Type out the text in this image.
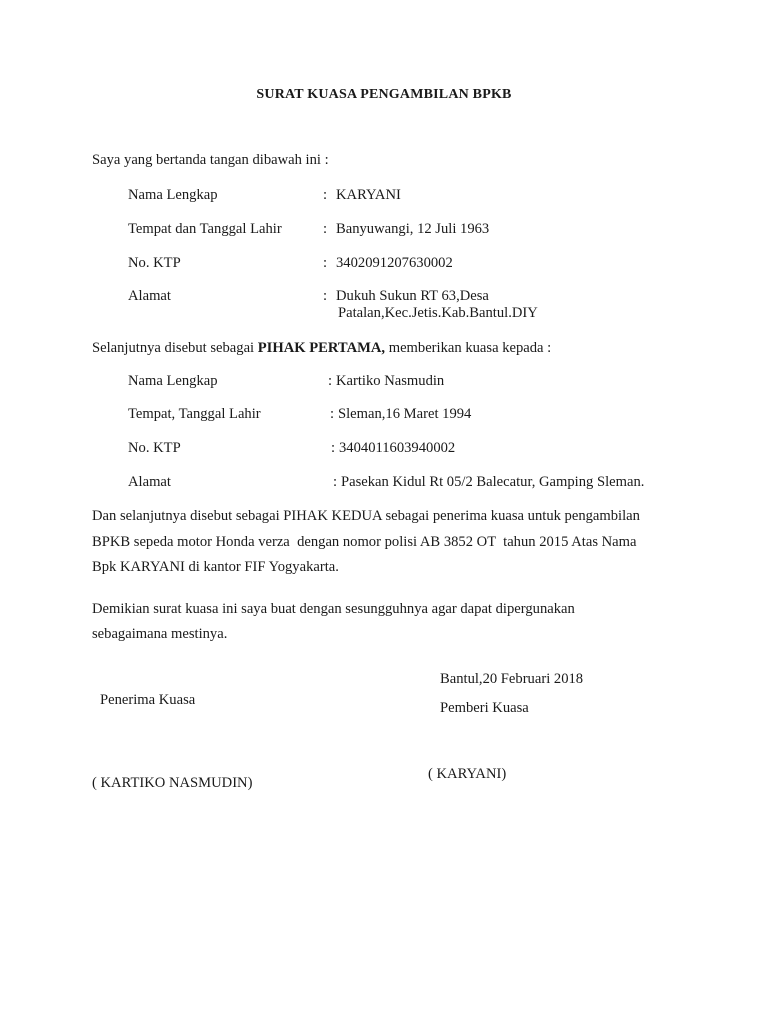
SURAT KUASA PENGAMBILAN BPKB
Saya yang bertanda tangan dibawah ini :
Nama Lengkap	: KARYANI
Tempat dan Tanggal Lahir	: Banyuwangi, 12 Juli 1963
No. KTP	: 3402091207630002
Alamat	: Dukuh Sukun RT 63,Desa
Patalan,Kec.Jetis.Kab.Bantul.DIY
Selanjutnya disebut sebagai PIHAK PERTAMA, memberikan kuasa kepada :
Nama Lengkap	: Kartiko Nasmudin
Tempat, Tanggal Lahir	: Sleman,16 Maret 1994
No. KTP	: 3404011603940002
Alamat	: Pasekan Kidul Rt 05/2 Balecatur, Gamping Sleman.
Dan selanjutnya disebut sebagai PIHAK KEDUA sebagai penerima kuasa untuk pengambilan
BPKB sepeda motor Honda verza  dengan nomor polisi AB 3852 OT  tahun 2015 Atas Nama
Bpk KARYANI di kantor FIF Yogyakarta.
Demikian surat kuasa ini saya buat dengan sesungguhnya agar dapat dipergunakan
sebagaimana mestinya.
Bantul,20 Februari 2018
Penerima Kuasa	Pemberi Kuasa
( KARYANI)
( KARTIKO NASMUDIN)
